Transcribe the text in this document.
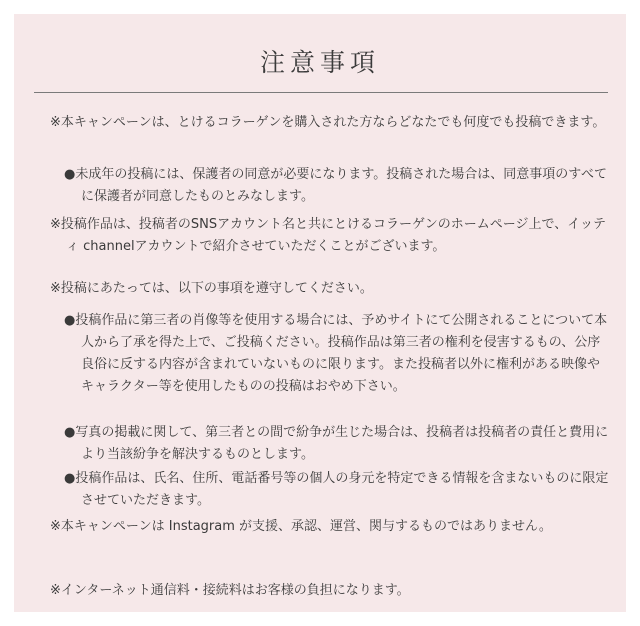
注意事項
※本キャンペーンは、とけるコラーゲンを購入された方ならどなたでも何度でも投稿できます。
●未成年の投稿には、保護者の同意が必要になります。投稿された場合は、同意事項のすべてに保護者が同意したものとみなします。
※投稿作品は、投稿者のSNSアカウント名と共にとけるコラーゲンのホームページ上で、イッティ channelアカウントで紹介させていただくことがございます。
※投稿にあたっては、以下の事項を遵守してください。
●投稿作品に第三者の肖像等を使用する場合には、予めサイトにて公開されることについて本人から了承を得た上で、ご投稿ください。投稿作品は第三者の権利を侵害するもの、公序良俗に反する内容が含まれていないものに限ります。また投稿者以外に権利がある映像やキャラクター等を使用したものの投稿はおやめ下さい。
●写真の掲載に関して、第三者との間で紛争が生じた場合は、投稿者は投稿者の責任と費用により当該紛争を解決するものとします。
●投稿作品は、氏名、住所、電話番号等の個人の身元を特定できる情報を含まないものに限定させていただきます。
※本キャンペーンは Instagram が支援、承認、運営、関与するものではありません。
※インターネット通信料・接続料はお客様の負担になります。
